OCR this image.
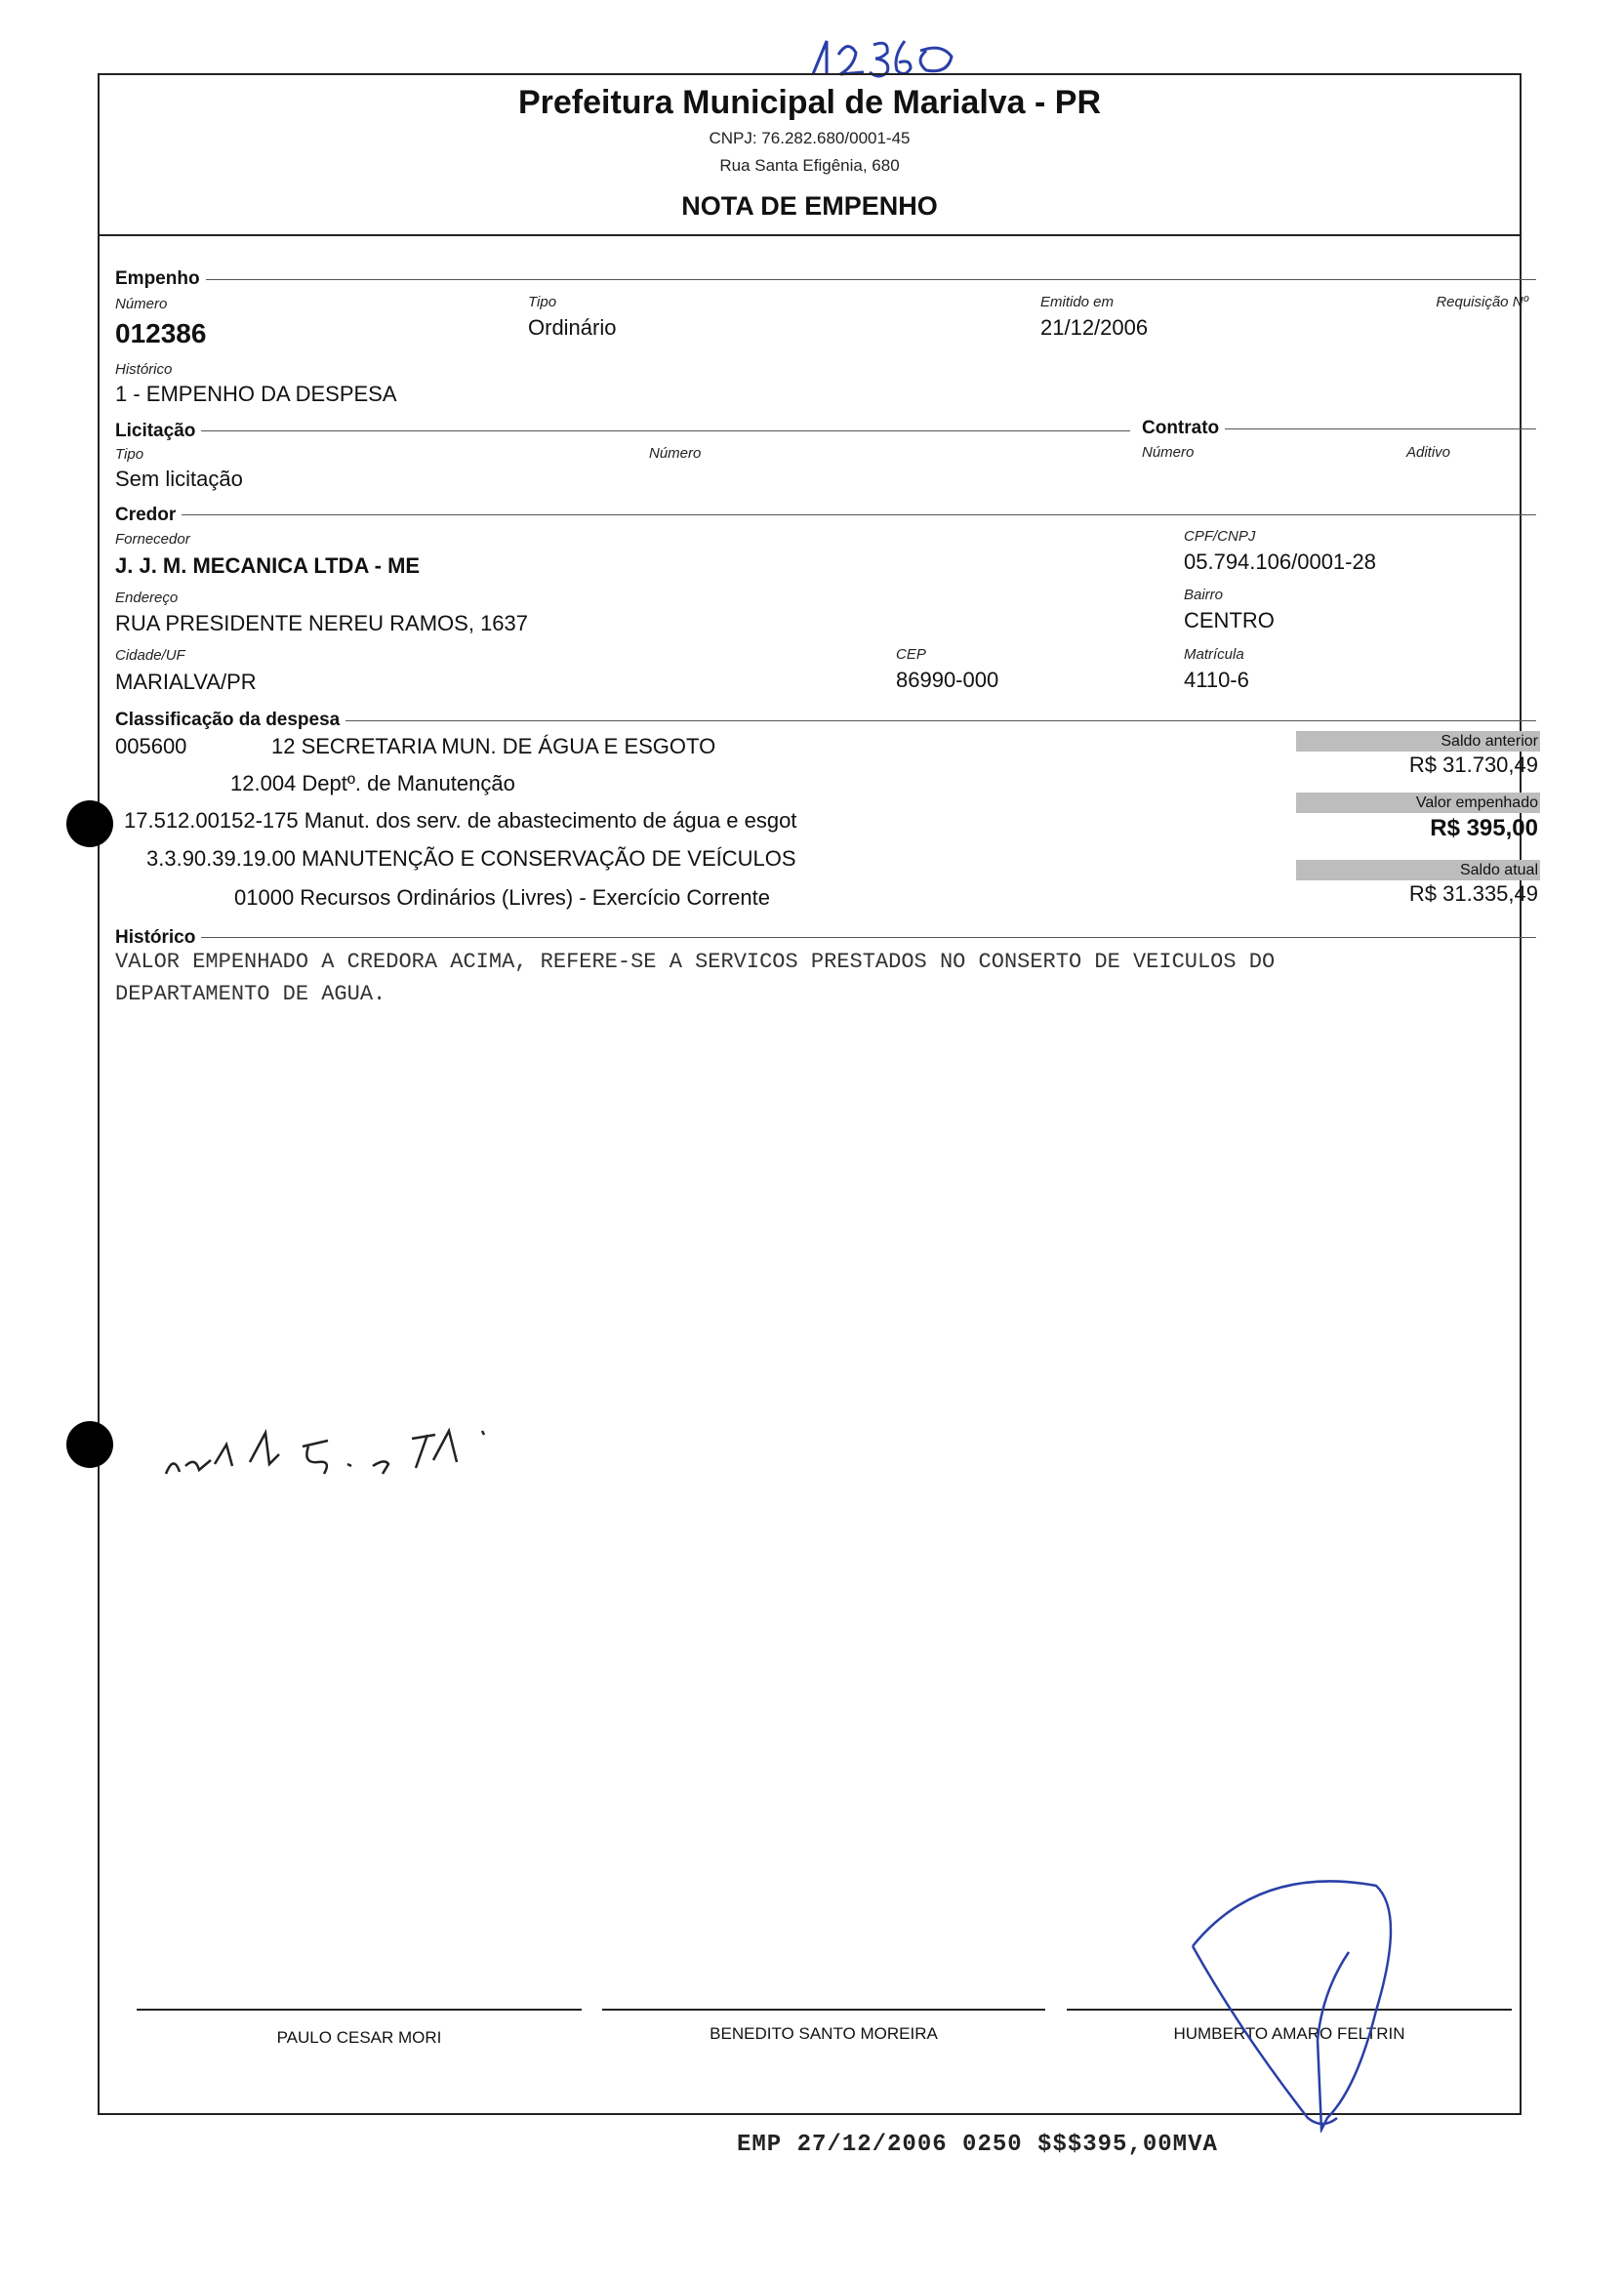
Prefeitura Municipal de Marialva - PR
CNPJ: 76.282.680/0001-45
Rua Santa Efigênia, 680
NOTA DE EMPENHO
Empenho
Número
012386
Tipo
Ordinário
Emitido em
21/12/2006
Requisição Nº
Histórico
1 - EMPENHO DA DESPESA
Licitação	Contrato
Tipo
Sem licitação
Número	Número	Aditivo
Credor
Fornecedor
J. J. M. MECANICA LTDA - ME
CPF/CNPJ
05.794.106/0001-28
Endereço
RUA PRESIDENTE NEREU RAMOS, 1637
Bairro
CENTRO
Cidade/UF
MARIALVA/PR
CEP
86990-000
Matrícula
4110-6
Classificação da despesa
005600	12 SECRETARIA MUN. DE ÁGUA E ESGOTO
12.004 Deptº. de Manutenção
17.512.00152-175 Manut. dos serv. de abastecimento de água e esgot
3.3.90.39.19.00 MANUTENÇÃO E CONSERVAÇÃO DE VEÍCULOS
01000 Recursos Ordinários (Livres) - Exercício Corrente
Saldo anterior
R$ 31.730,49
Valor empenhado
R$ 395,00
Saldo atual
R$ 31.335,49
Histórico
VALOR EMPENHADO A CREDORA ACIMA, REFERE-SE A SERVICOS PRESTADOS NO CONSERTO DE VEICULOS DO
DEPARTAMENTO DE AGUA.
PAULO CESAR MORI	BENEDITO SANTO MOREIRA	HUMBERTO AMARO FELTRIN
EMP 27/12/2006 0250 $$$395,00MVA
